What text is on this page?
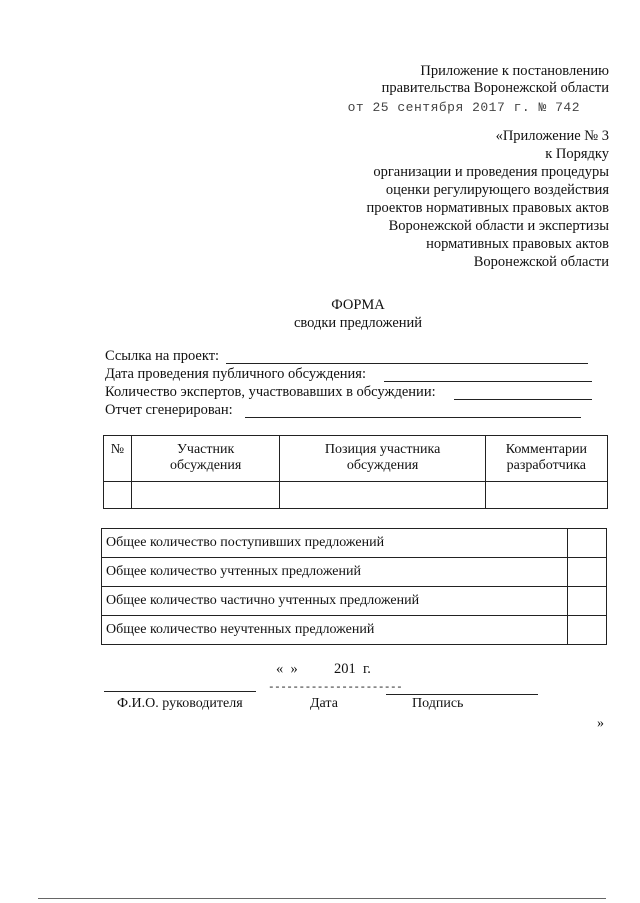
Приложение к постановлению
правительства Воронежской области
от 25 сентября 2017 г. № 742
«Приложение № 3
к Порядку
организации и проведения процедуры
оценки регулирующего воздействия
проектов нормативных правовых актов
Воронежской области и экспертизы
нормативных правовых актов
Воронежской области
ФОРМА
сводки предложений
Ссылка на проект:
Дата проведения публичного обсуждения:
Количество экспертов, участвовавших в обсуждении:
Отчет сгенерирован:
№	Участник обсуждения	Позиция участника обсуждения	Комментарии разработчика

Общее количество поступивших предложений	
Общее количество учтенных предложений	
Общее количество частично учтенных предложений	
Общее количество неучтенных предложений	
«  »          201  г.
----------------------
Ф.И.О. руководителя	Дата	Подпись
»
